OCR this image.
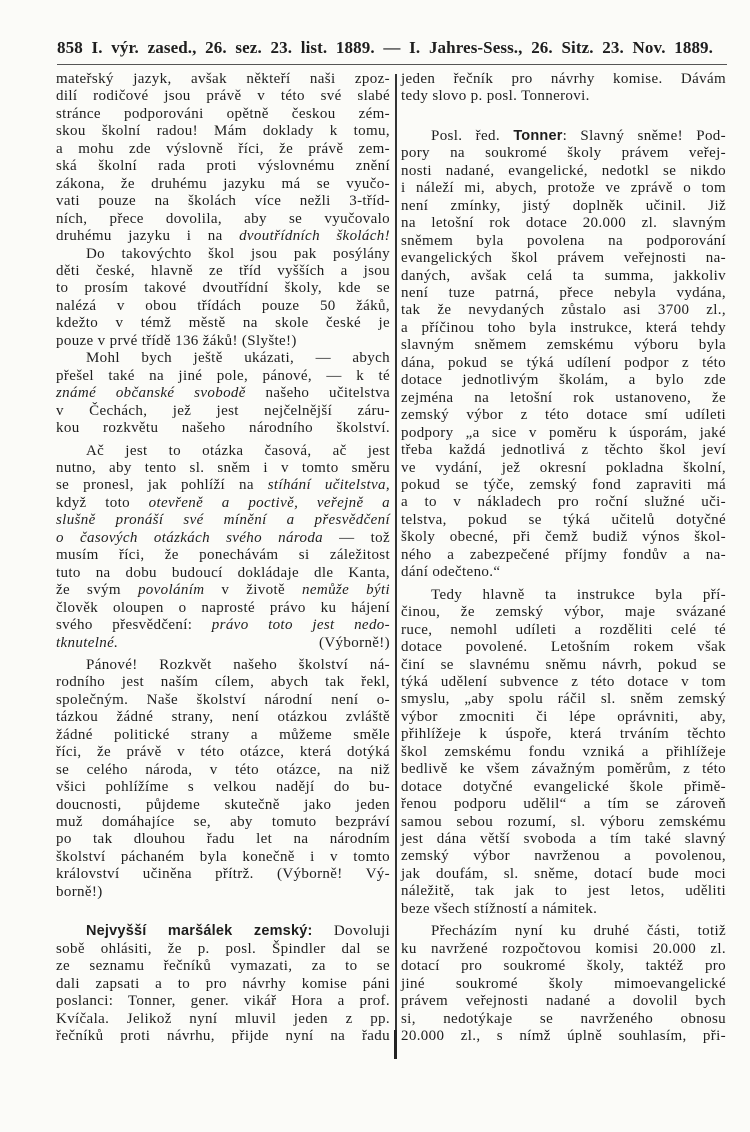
858 I. výr. zased., 26. sez. 23. list. 1889. — I. Jahres-Sess., 26. Sitz. 23. Nov. 1889.
mateřský jazyk, avšak někteří naši zpoz-
dilí rodičové jsou právě v této své slabé
stránce podporováni opětně českou zém-
skou školní radou! Mám doklady k tomu,
a mohu zde výslovně říci, že právě zem-
ská školní rada proti výslovnému znění
zákona, že druhému jazyku má se vyučo-
vati pouze na školách více nežli 3-tříd-
ních, přece dovolila, aby se vyučovalo
druhému jazyku i na dvoutřídních školách!
Do takovýchto škol jsou pak posýlány
děti české, hlavně ze tříd vyšších a jsou
to prosím takové dvoutřídní školy, kde se
nalézá v obou třídách pouze 50 žáků,
kdežto v témž městě na skole české je
pouze v prvé třídě 136 žáků! (Slyšte!)
Mohl bych ještě ukázati, — abych
přešel také na jiné pole, pánové, — k té
známé občanské svobodě našeho učitelstva
v Čechách, jež jest nejčelnější záru-
kou rozkvětu našeho národního školství.
Ač jest to otázka časová, ač jest
nutno, aby tento sl. sněm i v tomto směru
se pronesl, jak pohlíží na stíhání učitelstva,
když toto otevřeně a poctivě, veřejně a
slušně pronáší své mínění a přesvědčení
o časových otázkách svého národa — tož
musím říci, že ponechávám si záležitost
tuto na dobu budoucí dokládaje dle Kanta,
že svým povoláním v životě nemůže býti
člověk oloupen o naprosté právo ku hájení
svého přesvědčení: právo toto jest nedo-
tknutelné. (Výborně!)
Pánové! Rozkvět našeho školství ná-
rodního jest naším cílem, abych tak řekl,
společným. Naše školství národní není o-
tázkou žádné strany, není otázkou zvláště
žádné politické strany a můžeme směle
říci, že právě v této otázce, která dotýká
se celého národa, v této otázce, na niž
všici pohlížíme s velkou nadějí do bu-
doucnosti, půjdeme skutečně jako jeden
muž domáhajíce se, aby tomuto bezpráví
po tak dlouhou řadu let na národním
školství páchaném byla konečně i v tomto
království učiněna přítrž. (Výborně! Vý-
borně!)
Nejvyšší maršálek zemský: Dovoluji
sobě ohlásiti, že p. posl. Špindler dal se
ze seznamu řečníků vymazati, za to se
dali zapsati a to pro návrhy komise páni
poslanci: Tonner, gener. vikář Hora a prof.
Kvíčala. Jelikož nyní mluvil jeden z pp.
řečníků proti návrhu, přijde nyní na řadu
jeden řečník pro návrhy komise. Dávám
tedy slovo p. posl. Tonnerovi.
Posl. řed. Tonner: Slavný sněme! Pod-
pory na soukromé školy právem veřej-
nosti nadané, evangelické, nedotkl se nikdo
i náleží mi, abych, protože ve zprávě o tom
není zmínky, jistý doplněk učinil. Již
na letošní rok dotace 20.000 zl. slavným
sněmem byla povolena na podporování
evangelických škol právem veřejnosti na-
daných, avšak celá ta summa, jakkoliv
není tuze patrná, přece nebyla vydána,
tak že nevydaných zůstalo asi 3700 zl.,
a příčinou toho byla instrukce, která tehdy
slavným sněmem zemskému výboru byla
dána, pokud se týká udílení podpor z této
dotace jednotlivým školám, a bylo zde
zejména na letošní rok ustanoveno, že
zemský výbor z této dotace smí udíleti
podpory „a sice v poměru k úsporám, jaké
třeba každá jednotlivá z těchto škol jeví
ve vydání, jež okresní pokladna školní,
pokud se týče, zemský fond zapraviti má
a to v nákladech pro roční služné uči-
telstva, pokud se týká učitelů dotyčné
školy obecné, při čemž budiž výnos škol-
ného a zabezpečené příjmy fondův a na-
dání odečteno.“
Tedy hlavně ta instrukce byla pří-
činou, že zemský výbor, maje svázané
ruce, nemohl udíleti a rozděliti celé té
dotace povolené. Letošním rokem však
činí se slavnému sněmu návrh, pokud se
týká udělení subvence z této dotace v tom
smyslu, „aby spolu ráčil sl. sněm zemský
výbor zmocniti či lépe oprávniti, aby,
přihlížeje k úspoře, která trváním těchto
škol zemskému fondu vzniká a přihlížeje
bedlivě ke všem závažným poměrům, z této
dotace dotyčné evangelické škole přimě-
řenou podporu udělil“ a tím se zároveň
samou sebou rozumí, sl. výboru zemskému
jest dána větší svoboda a tím také slavný
zemský výbor navrženou a povolenou,
jak doufám, sl. sněme, dotací bude moci
náležitě, tak jak to jest letos, uděliti
beze všech stížností a námitek.
Přecházím nyní ku druhé části, totiž
ku navržené rozpočtovou komisi 20.000 zl.
dotací pro soukromé školy, taktéž pro
jiné soukromé školy mimoevangelické
právem veřejnosti nadané a dovolil bych
si, nedotýkaje se navrženého obnosu
20.000 zl., s nímž úplně souhlasím, při-
